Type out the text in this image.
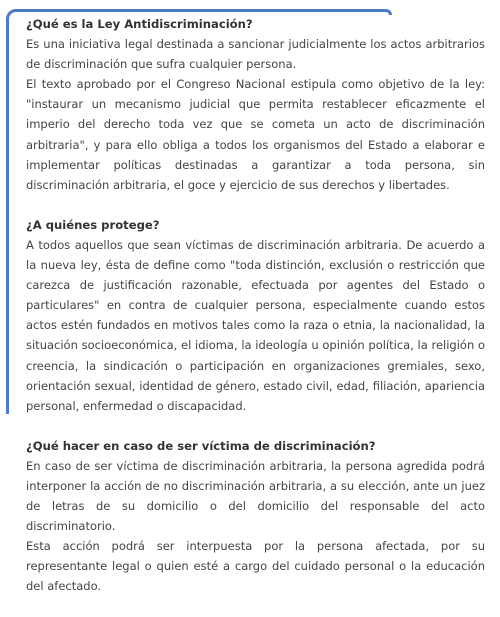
¿Qué es la Ley Antidiscriminación?

Es una iniciativa legal destinada a sancionar judicialmente los actos arbitrarios de discriminación que sufra cualquier persona.

El texto aprobado por el Congreso Nacional estipula como objetivo de la ley: "instaurar un mecanismo judicial que permita restablecer eficazmente el imperio del derecho toda vez que se cometa un acto de discriminación arbitraria", y para ello obliga a todos los organismos del Estado a elaborar e implementar políticas destinadas a garantizar a toda persona, sin discriminación arbitraria, el goce y ejercicio de sus derechos y libertades.

¿A quiénes protege?

A todos aquellos que sean víctimas de discriminación arbitraria. De acuerdo a la nueva ley, ésta de define como "toda distinción, exclusión o restricción que carezca de justificación razonable, efectuada por agentes del Estado o particulares" en contra de cualquier persona, especialmente cuando estos actos estén fundados en motivos tales como la raza o etnia, la nacionalidad, la situación socioeconómica, el idioma, la ideología u opinión política, la religión o creencia, la sindicación o participación en organizaciones gremiales, sexo, orientación sexual, identidad de género, estado civil, edad, filiación, apariencia personal, enfermedad o discapacidad.

¿Qué hacer en caso de ser víctima de discriminación?

En caso de ser víctima de discriminación arbitraria, la persona agredida podrá interponer la acción de no discriminación arbitraria, a su elección, ante un juez de letras de su domicilio o del domicilio del responsable del acto discriminatorio.

Esta acción podrá ser interpuesta por la persona afectada, por su representante legal o quien esté a cargo del cuidado personal o la educación del afectado.
